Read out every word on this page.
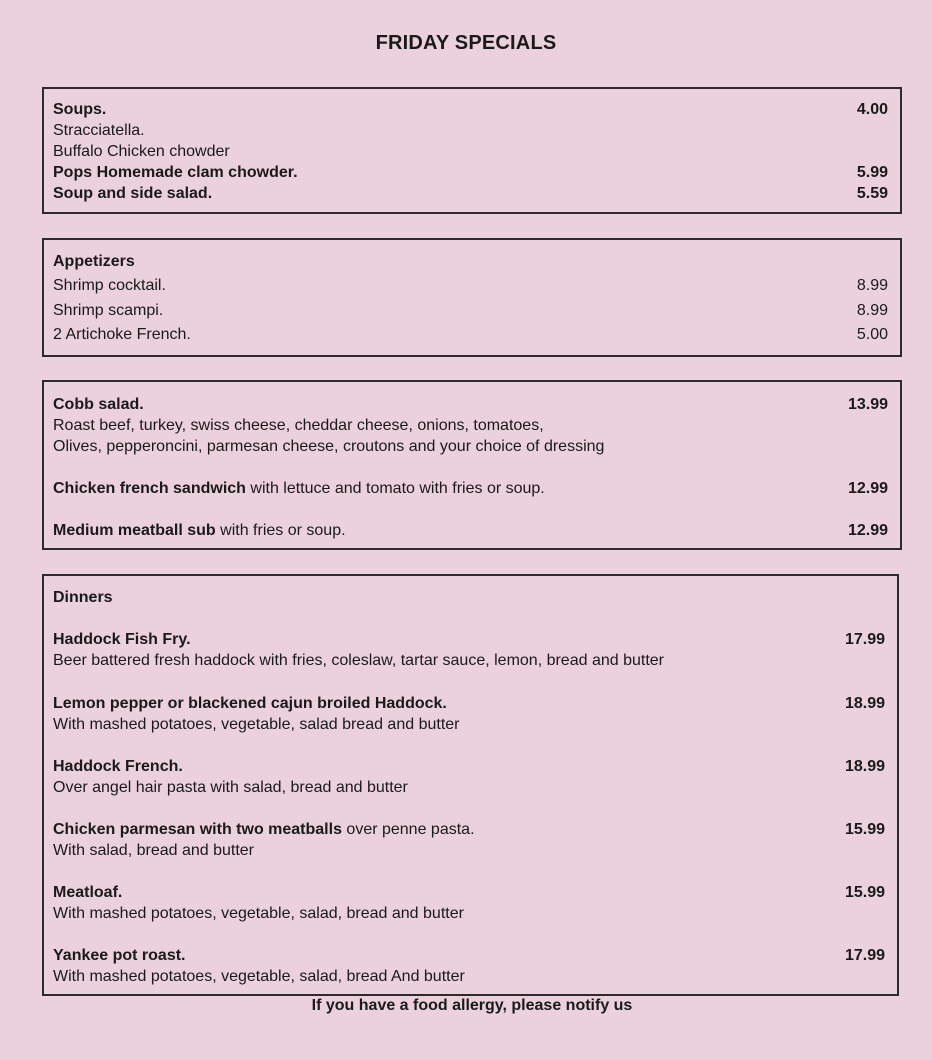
FRIDAY SPECIALS
Soups.	4.00
Stracciatella.
Buffalo Chicken chowder
Pops Homemade clam chowder.	5.99
Soup and side salad.	5.59
Appetizers
Shrimp cocktail.	8.99
Shrimp scampi.	8.99
2 Artichoke French.	5.00
Cobb salad.	13.99
Roast beef, turkey, swiss cheese, cheddar cheese, onions, tomatoes,
Olives, pepperoncini, parmesan cheese, croutons and your choice of dressing
Chicken french sandwich with lettuce and tomato with fries or soup.	12.99
Medium meatball sub with fries or soup.	12.99
Dinners
Haddock Fish Fry.	17.99
Beer battered fresh haddock with fries, coleslaw, tartar sauce, lemon, bread and butter
Lemon pepper or blackened cajun broiled Haddock.	18.99
With mashed potatoes, vegetable, salad bread and butter
Haddock French.	18.99
Over angel hair pasta with salad, bread and butter
Chicken parmesan with two meatballs over penne pasta.	15.99
With salad, bread and butter
Meatloaf.	15.99
With mashed potatoes, vegetable, salad, bread and butter
Yankee pot roast.	17.99
With mashed potatoes, vegetable, salad, bread And butter
If you have a food allergy, please notify us
